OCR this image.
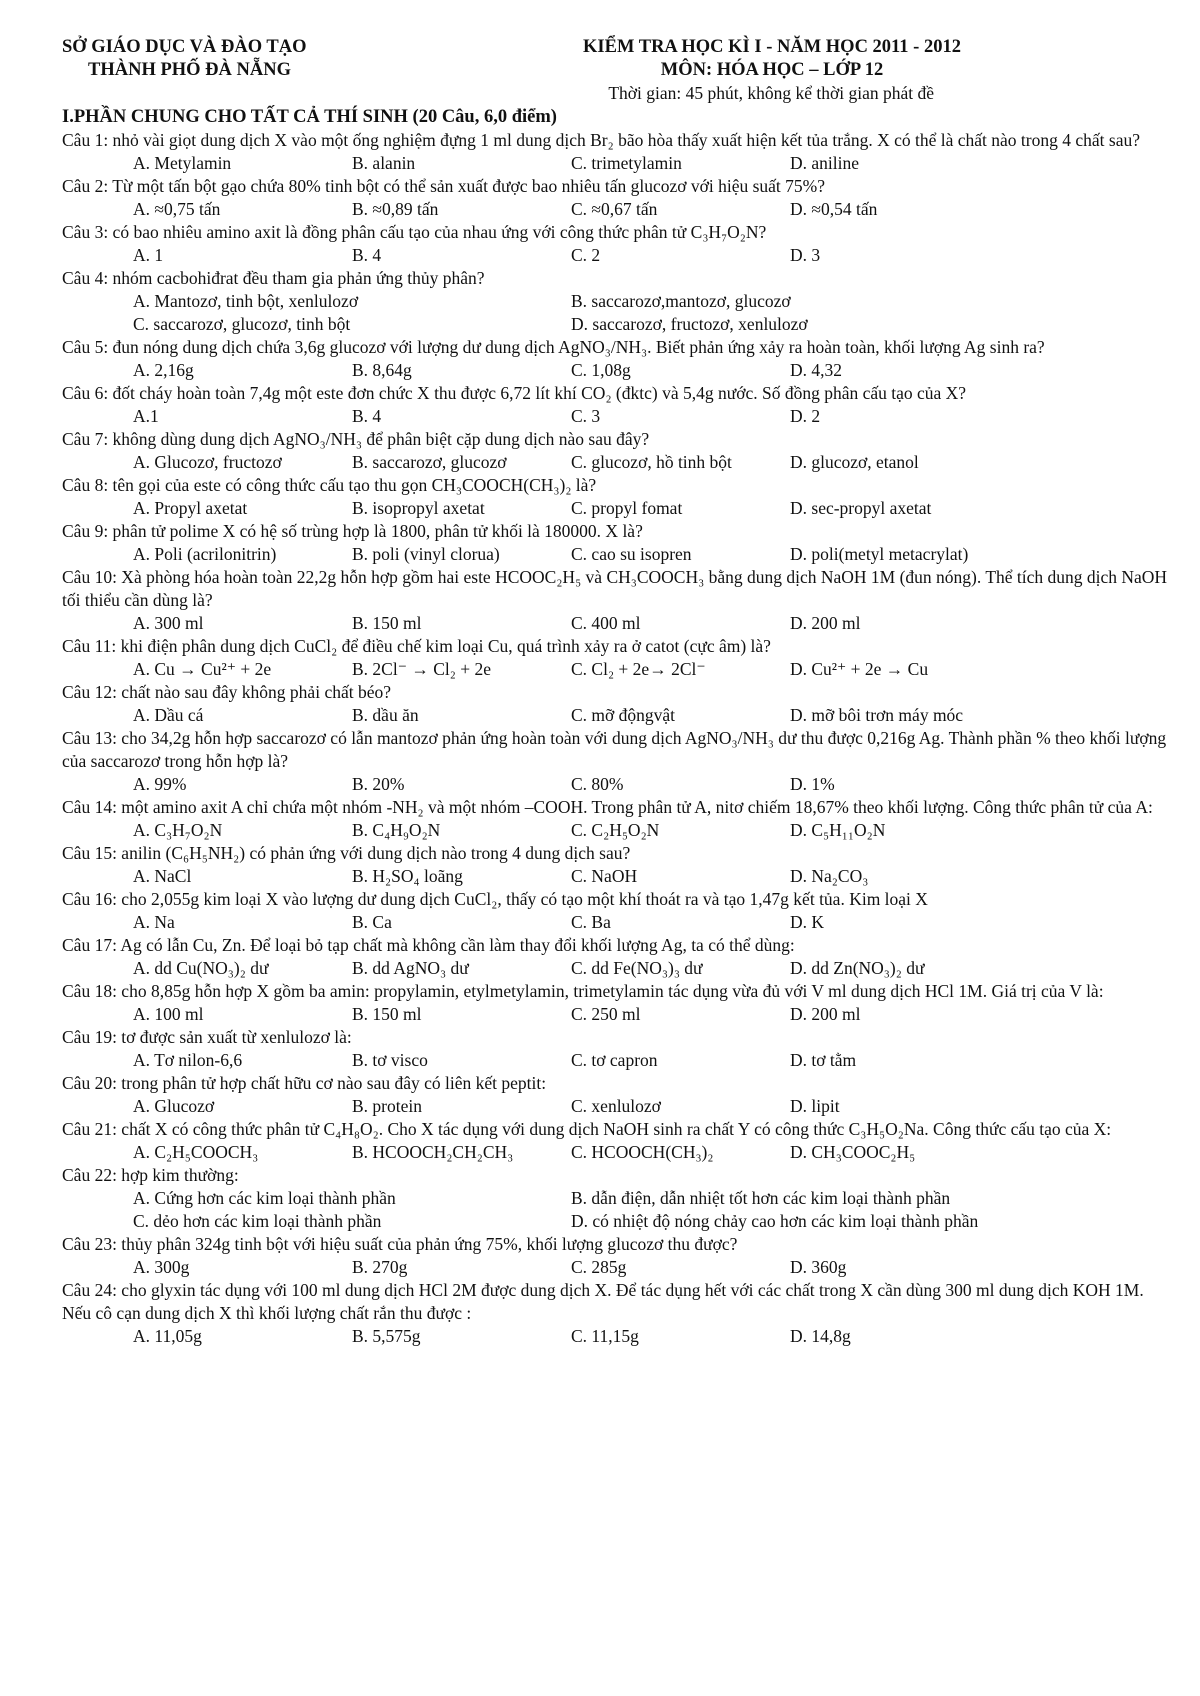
SỞ GIÁO DỤC VÀ ĐÀO TẠO	KIỂM TRA HỌC KÌ I - NĂM HỌC 2011 - 2012
THÀNH PHỐ ĐÀ NẴNG	MÔN: HÓA HỌC – LỚP 12
Thời gian: 45 phút, không kể thời gian phát đề
I.PHẦN CHUNG CHO TẤT CẢ THÍ SINH (20 Câu, 6,0 điểm)
Câu 1: nhỏ vài giọt dung dịch X vào một ống nghiệm đựng 1 ml dung dịch Br₂ bão hòa thấy xuất hiện kết tủa trắng. X có thể là chất nào trong 4 chất sau?
A. Metylamin	B. alanin	C. trimetylamin	D. aniline
Câu 2: Từ một tấn bột gạo chứa 80% tinh bột có thể sản xuất được bao nhiêu tấn glucozơ với hiệu suất 75%?
A. ≈0,75 tấn	B. ≈0,89 tấn	C. ≈0,67 tấn	D. ≈0,54 tấn
Câu 3: có bao nhiêu amino axit là đồng phân cấu tạo của nhau ứng với công thức phân tử C₃H₇O₂N?
A. 1	B. 4	C. 2	D. 3
Câu 4: nhóm cacbohiđrat đều tham gia phản ứng thủy phân?
A. Mantozơ, tinh bột, xenlulozơ	B. saccarozơ,mantozơ, glucozơ
C. saccarozơ, glucozơ, tinh bột	D. saccarozơ, fructozơ, xenlulozơ
Câu 5: đun nóng dung dịch chứa 3,6g glucozơ với lượng dư dung dịch AgNO₃/NH₃. Biết phản ứng xảy ra hoàn toàn, khối lượng Ag sinh ra?
A. 2,16g	B. 8,64g	C. 1,08g	D. 4,32
Câu 6: đốt cháy hoàn toàn 7,4g một este đơn chức X thu được 6,72 lít khí CO₂ (đktc) và 5,4g nước. Số đồng phân cấu tạo của X?
A.1	B. 4	C. 3	D. 2
Câu 7: không dùng dung dịch AgNO₃/NH₃ để phân biệt cặp dung dịch nào sau đây?
A. Glucozơ, fructozơ	B. saccarozơ, glucozơ	C. glucozơ, hồ tinh bột	D. glucozơ, etanol
Câu 8: tên gọi của este có công thức cấu tạo thu gọn CH₃COOCH(CH₃)₂ là?
A. Propyl axetat	B. isopropyl axetat	C. propyl fomat	D. sec-propyl axetat
Câu 9: phân tử polime X có hệ số trùng hợp là 1800, phân tử khối là 180000. X là?
A. Poli (acrilonitrin)	B. poli (vinyl clorua)	C. cao su isopren	D. poli(metyl metacrylat)
Câu 10: Xà phòng hóa hoàn toàn 22,2g hỗn hợp gồm hai este HCOOC₂H₅ và CH₃COOCH₃ bằng dung dịch NaOH 1M (đun nóng). Thể tích dung dịch NaOH tối thiểu cần dùng là?
A. 300 ml	B. 150 ml	C. 400 ml	D. 200 ml
Câu 11: khi điện phân dung dịch CuCl₂ để điều chế kim loại Cu, quá trình xảy ra ở catot (cực âm) là?
A. Cu → Cu²⁺ + 2e	B. 2Cl⁻ → Cl₂ + 2e	C. Cl₂ + 2e→ 2Cl⁻	D. Cu²⁺ + 2e → Cu
Câu 12: chất nào sau đây không phải chất béo?
A. Dầu cá	B. dầu ăn	C. mỡ độngvật	D. mỡ bôi trơn máy móc
Câu 13: cho 34,2g hỗn hợp saccarozơ có lẫn mantozơ phản ứng hoàn toàn với dung dịch AgNO₃/NH₃ dư thu được 0,216g Ag. Thành phần % theo khối lượng của saccarozơ trong hỗn hợp là?
A. 99%	B. 20%	C. 80%	D. 1%
Câu 14: một amino axit A chỉ chứa một nhóm -NH₂ và một nhóm –COOH. Trong phân tử A, nitơ chiếm 18,67% theo khối lượng. Công thức phân tử của A:
A. C₃H₇O₂N	B. C₄H₉O₂N	C. C₂H₅O₂N	D. C₅H₁₁O₂N
Câu 15: anilin (C₆H₅NH₂) có phản ứng với dung dịch nào trong 4 dung dịch sau?
A. NaCl	B. H₂SO₄ loãng	C. NaOH	D. Na₂CO₃
Câu 16: cho 2,055g kim loại X vào lượng dư dung dịch CuCl₂, thấy có tạo một khí thoát ra và tạo 1,47g kết tủa. Kim loại X
A. Na	B. Ca	C. Ba	D. K
Câu 17: Ag có lẫn Cu, Zn. Để loại bỏ tạp chất mà không cần làm thay đổi khối lượng Ag, ta có thể dùng:
A. dd Cu(NO₃)₂ dư	B. dd AgNO₃ dư	C. dd Fe(NO₃)₃ dư	D. dd Zn(NO₃)₂ dư
Câu 18: cho 8,85g hỗn hợp X gồm ba amin: propylamin, etylmetylamin, trimetylamin tác dụng vừa đủ với V ml dung dịch HCl 1M. Giá trị của V là:
A. 100 ml	B. 150 ml	C. 250 ml	D. 200 ml
Câu 19: tơ được sản xuất từ xenlulozơ là:
A. Tơ nilon-6,6	B. tơ visco	C. tơ capron	D. tơ tằm
Câu 20: trong phân tử hợp chất hữu cơ nào sau đây có liên kết peptit:
A. Glucozơ	B. protein	C. xenlulozơ	D. lipit
Câu 21: chất X có công thức phân tử C₄H₈O₂. Cho X tác dụng với dung dịch NaOH sinh ra chất Y có công thức C₃H₅O₂Na. Công thức cấu tạo của X:
A. C₂H₅COOCH₃	B. HCOOCH₂CH₂CH₃	C. HCOOCH(CH₃)₂	D. CH₃COOC₂H₅
Câu 22: hợp kim thường:
A. Cứng hơn các kim loại thành phần	B. dẫn điện, dẫn nhiệt tốt hơn các kim loại thành phần
C. dẻo hơn các kim loại thành phần	D. có nhiệt độ nóng chảy cao hơn các kim loại thành phần
Câu 23: thủy phân 324g tinh bột với hiệu suất của phản ứng 75%, khối lượng glucozơ thu được?
A. 300g	B. 270g	C. 285g	D. 360g
Câu 24: cho glyxin tác dụng với 100 ml dung dịch HCl 2M được dung dịch X. Để tác dụng hết với các chất trong X cần dùng 300 ml dung dịch KOH 1M. Nếu cô cạn dung dịch X thì khối lượng chất rắn thu được :
A. 11,05g	B. 5,575g	C. 11,15g	D. 14,8g
